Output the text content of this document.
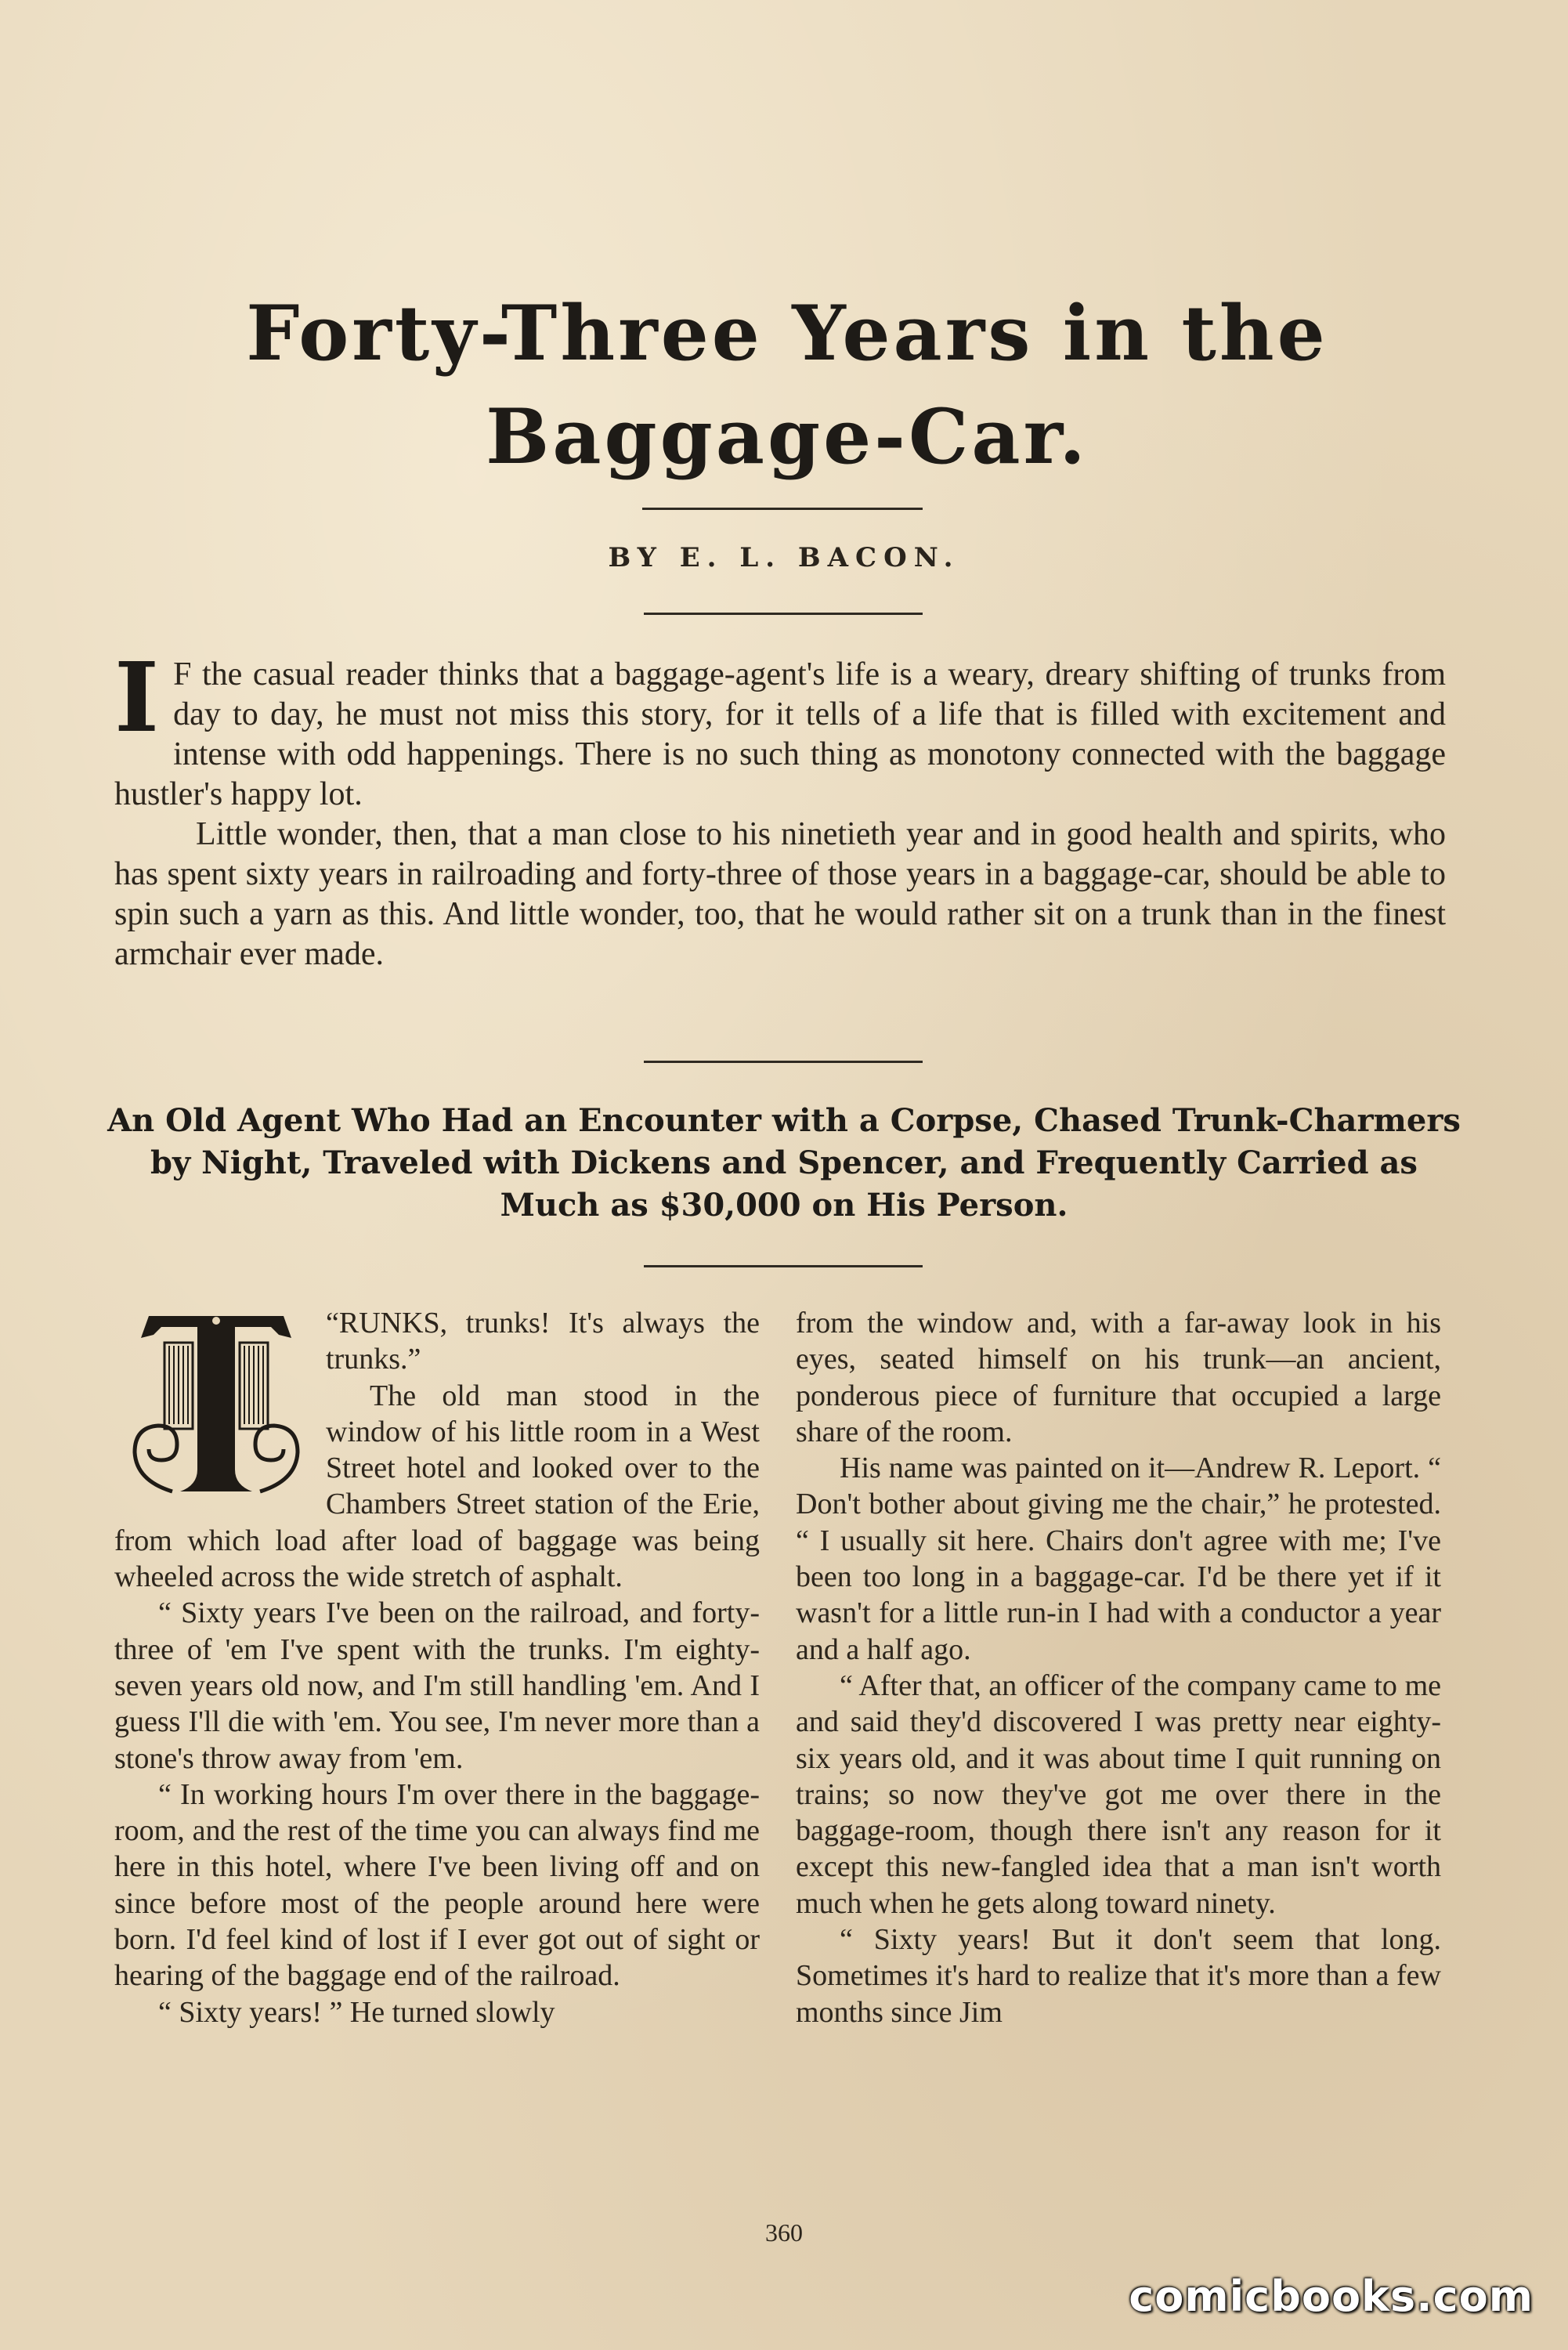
Forty-Three Years in the Baggage-Car.
BY E. L. BACON.

I F the casual reader thinks that a baggage-agent's life is a weary, dreary shifting of trunks from day to day, he must not miss this story, for it tells of a life that is filled with excitement and intense with odd happenings. There is no such thing as monotony connected with the baggage hustler's happy lot.

Little wonder, then, that a man close to his ninetieth year and in good health and spirits, who has spent sixty years in railroading and forty-three of those years in a baggage-car, should be able to spin such a yarn as this. And little wonder, too, that he would rather sit on a trunk than in the finest armchair ever made.

An Old Agent Who Had an Encounter with a Corpse, Chased Trunk-Charmers by Night, Traveled with Dickens and Spencer, and Frequently Carried as Much as $30,000 on His Person.

“RUNKS, trunks! It's always the trunks.”

The old man stood in the window of his little room in a West Street hotel and looked over to the Chambers Street station of the Erie, from which load after load of baggage was being wheeled across the wide stretch of asphalt.

“ Sixty years I've been on the railroad, and forty-three of 'em I've spent with the trunks. I'm eighty-seven years old now, and I'm still handling 'em. And I guess I'll die with 'em. You see, I'm never more than a stone's throw away from 'em.

“ In working hours I'm over there in the baggage-room, and the rest of the time you can always find me here in this hotel, where I've been living off and on since before most of the people around here were born. I'd feel kind of lost if I ever got out of sight or hearing of the baggage end of the railroad.

“ Sixty years! ” He turned slowly

from the window and, with a far-away look in his eyes, seated himself on his trunk—an ancient, ponderous piece of furniture that occupied a large share of the room.

His name was painted on it—Andrew R. Leport. “ Don't bother about giving me the chair,” he protested. “ I usually sit here. Chairs don't agree with me; I've been too long in a baggage-car. I'd be there yet if it wasn't for a little run-in I had with a conductor a year and a half ago.

“ After that, an officer of the company came to me and said they'd discovered I was pretty near eighty-six years old, and it was about time I quit running on trains; so now they've got me over there in the baggage-room, though there isn't any reason for it except this new-fangled idea that a man isn't worth much when he gets along toward ninety.

“ Sixty years! But it don't seem that long. Sometimes it's hard to realize that it's more than a few months since Jim

360
comicbooks.com
